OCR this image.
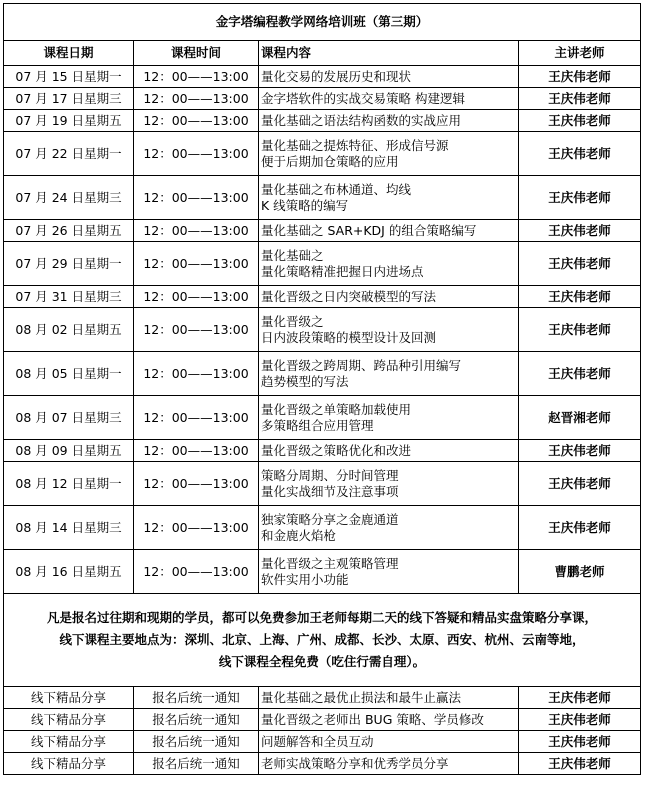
金字塔编程教学网络培训班（第三期）			
课程日期	课程时间	课程内容	主讲老师
07 月 15 日星期一	12：00——13:00	量化交易的发展历史和现状	王庆伟老师
07 月 17 日星期三	12：00——13:00	金字塔软件的实战交易策略 构建逻辑	王庆伟老师
07 月 19 日星期五	12：00——13:00	量化基础之语法结构函数的实战应用	王庆伟老师
07 月 22 日星期一	12：00——13:00	量化基础之提炼特征、形成信号源
便于后期加仓策略的应用	王庆伟老师
07 月 24 日星期三	12：00——13:00	量化基础之布林通道、均线
K 线策略的编写	王庆伟老师
07 月 26 日星期五	12：00——13:00	量化基础之 SAR+KDJ 的组合策略编写	王庆伟老师
07 月 29 日星期一	12：00——13:00	量化基础之
量化策略精准把握日内进场点	王庆伟老师
07 月 31 日星期三	12：00——13:00	量化晋级之日内突破模型的写法	王庆伟老师
08 月 02 日星期五	12：00——13:00	量化晋级之
日内波段策略的模型设计及回测	王庆伟老师
08 月 05 日星期一	12：00——13:00	量化晋级之跨周期、跨品种引用编写
趋势模型的写法	王庆伟老师
08 月 07 日星期三	12：00——13:00	量化晋级之单策略加载使用
多策略组合应用管理	赵晋湘老师
08 月 09 日星期五	12：00——13:00	量化晋级之策略优化和改进	王庆伟老师
08 月 12 日星期一	12：00——13:00	策略分周期、分时间管理
量化实战细节及注意事项	王庆伟老师
08 月 14 日星期三	12：00——13:00	独家策略分享之金鹿通道
和金鹿火焰枪	王庆伟老师
08 月 16 日星期五	12：00——13:00	量化晋级之主观策略管理
软件实用小功能	曹鹏老师

凡是报名过往期和现期的学员，都可以免费参加王老师每期二天的线下答疑和精品实盘策略分享课，
线下课程主要地点为：深圳、北京、上海、广州、成都、长沙、太原、西安、杭州、云南等地，
线下课程全程免费（吃住行需自理）。			

线下精品分享	报名后统一通知	量化基础之最优止损法和最牛止赢法	王庆伟老师
线下精品分享	报名后统一通知	量化晋级之老师出 BUG 策略、学员修改	王庆伟老师
线下精品分享	报名后统一通知	问题解答和全员互动	王庆伟老师
线下精品分享	报名后统一通知	老师实战策略分享和优秀学员分享	王庆伟老师
